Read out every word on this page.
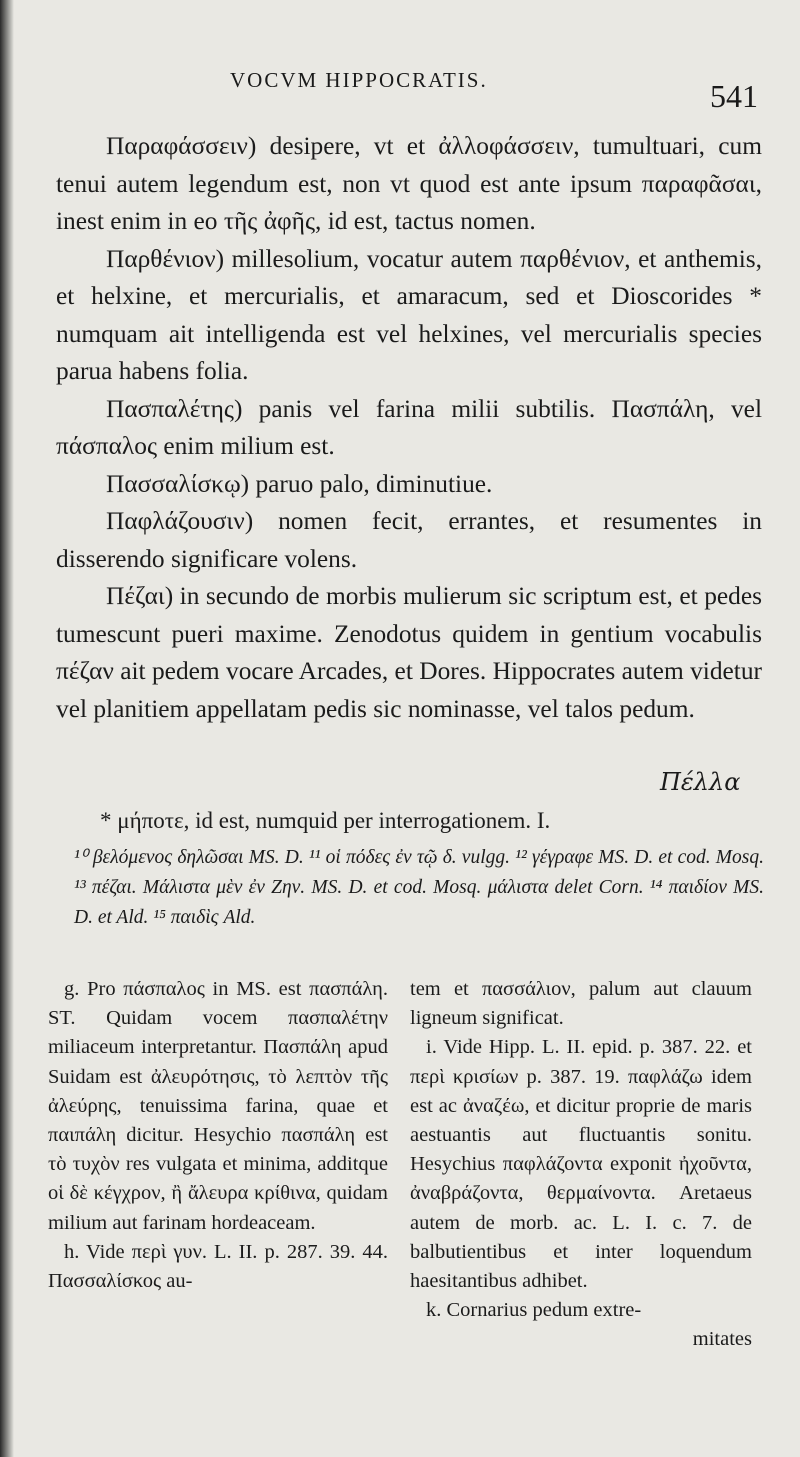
VOCVM HIPPOCRATIS.	541

Παραφάσσειν) desipere, vt et ἀλλοφάσσειν, tumultuari, cum tenui autem legendum est, non vt quod est ante ipsum παραφᾶσαι, inest enim in eo τῆς ἀφῆς, id est, tactus nomen.

Παρθένιον) millesolium, vocatur autem παρθένιον, et anthemis, et helxine, et mercurialis, et amaracum, sed et Dioscorides * numquam ait intelligenda est vel helxines, vel mercurialis species parua habens folia.

Πασπαλέτης) panis vel farina milii subtilis. Πασπάλη, vel πάσπαλος enim milium est.

Πασσαλίσκῳ) paruo palo, diminutiue.

Παφλάζουσιν) nomen fecit, errantes, et resumentes in disserendo significare volens.

Πέζαι) in secundo de morbis mulierum sic scriptum est, et pedes tumescunt pueri maxime. Zenodotus quidem in gentium vocabulis πέζαν ait pedem vocare Arcades, et Dores. Hippocrates autem videtur vel planitiem appellatam pedis sic nominasse, vel talos pedum.

Πέλλα
* μήποτε, id est, numquid per interrogationem. I.

¹⁰ βελόμενος δηλῶσαι MS. D. ¹¹ οἱ πόδες ἐν τῷ δ. vulgg. ¹² γέγραφε MS. D. et cod. Mosq. ¹³ πέζαι. Μάλιστα μὲν ἐν Ζην. MS. D. et cod. Mosq. μάλιστα delet Corn. ¹⁴ παιδίον MS. D. et Ald. ¹⁵ παιδὶς Ald.

g. Pro πάσπαλος in MS. est πασπάλη. ST. Quidam vocem πασπαλέτην miliaceum interpretantur. Πασπάλη apud Suidam est ἀλευρότησις, τὸ λεπτὸν τῆς ἀλεύρης, tenuissima farina, quae et παιπάλη dicitur. Hesychio πασπάλη est τὸ τυχὸν res vulgata et minima, additque οἱ δὲ κέγχρον, ἢ ἄλευρα κρίθινα, quidam milium aut farinam hordeaceam.

h. Vide περὶ γυν. L. II. p. 287. 39. 44. Πασσαλίσκος au-

tem et πασσάλιον, palum aut clauum ligneum significat.

i. Vide Hipp. L. II. epid. p. 387. 22. et περὶ κρισίων p. 387. 19. παφλάζω idem est ac ἀναζέω, et dicitur proprie de maris aestuantis aut fluctuantis sonitu. Hesychius παφλάζοντα exponit ἠχοῦντα, ἀναβράζοντα, θερμαίνοντα. Aretaeus autem de morb. ac. L. I. c. 7. de balbutientibus et inter loquendum haesitantibus adhibet.

k. Cornarius pedum extre-

mitates
